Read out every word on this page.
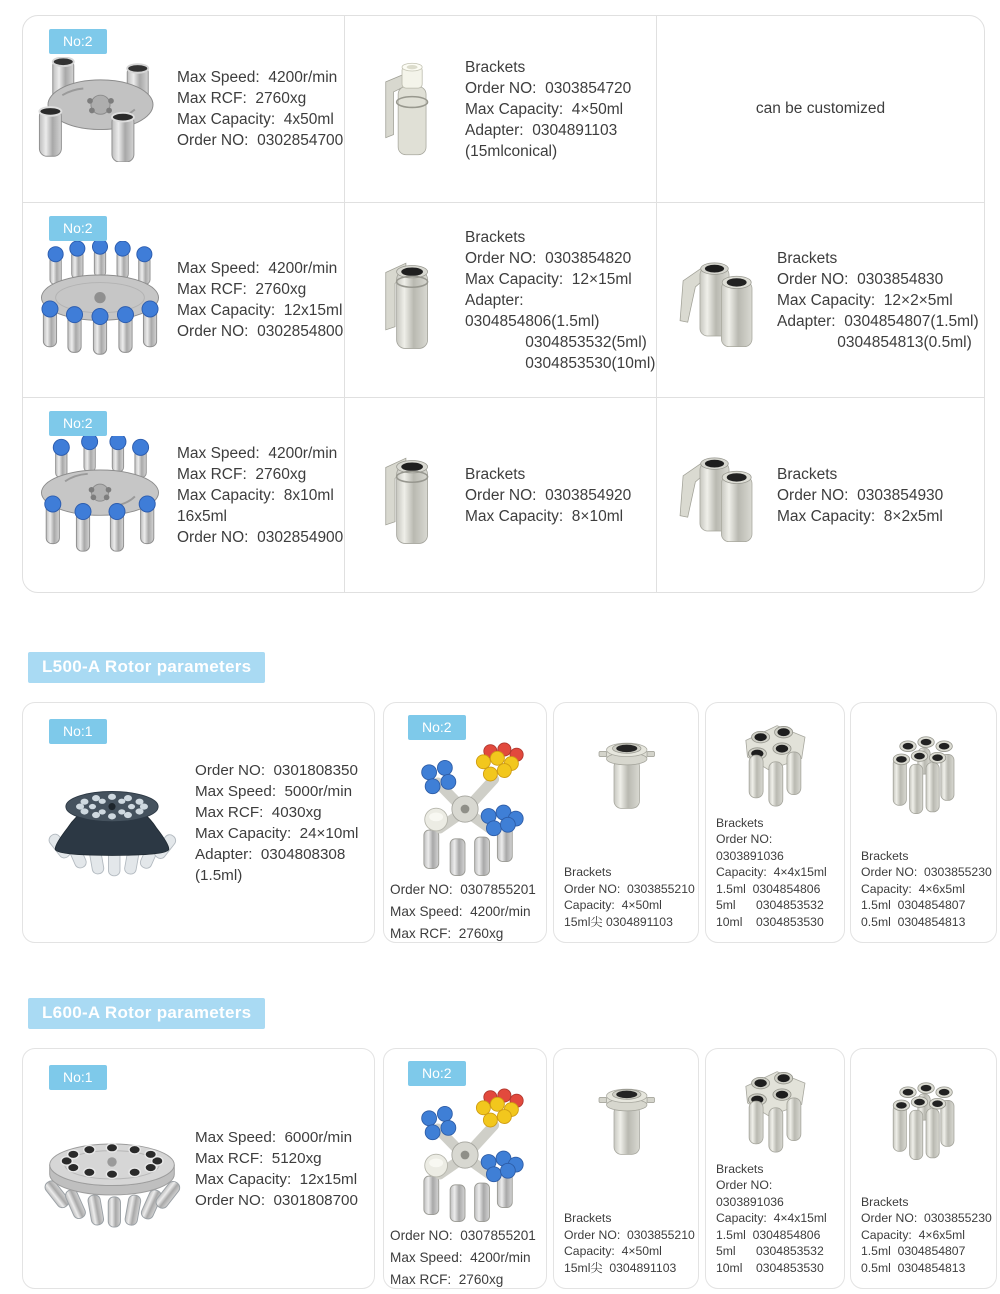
No:2
Max Speed:  4200r/min
Max RCF:  2760xg
Max Capacity:  4x50ml
Order NO:  0302854700
Brackets
Order NO:  0303854720
Max Capacity:  4×50ml
Adapter:  0304891103
(15mlconical)
can be customized
No:2
Max Speed:  4200r/min
Max RCF:  2760xg
Max Capacity:  12x15ml
Order NO:  0302854800
Brackets
Order NO:  0303854820
Max Capacity:  12×15ml
Adapter:  0304854806(1.5ml)
0304853532(5ml)
0304853530(10ml)
Brackets
Order NO:  0303854830
Max Capacity:  12×2×5ml
Adapter:  0304854807(1.5ml)
0304854813(0.5ml)
No:2
Max Speed:  4200r/min
Max RCF:  2760xg
Max Capacity:  8x10ml
16x5ml
Order NO:  0302854900
Brackets
Order NO:  0303854920
Max Capacity:  8×10ml
Brackets
Order NO:  0303854930
Max Capacity:  8×2x5ml
L500-A Rotor parameters
No:1
Order NO:  0301808350
Max Speed:  5000r/min
Max RCF:  4030xg
Max Capacity:  24×10ml
Adapter:  0304808308
(1.5ml)
No:2
Order NO:  0307855201
Max Speed:  4200r/min
Max RCF:  2760xg
Brackets
Order NO:  0303855210
Capacity:  4×50ml
15ml尖 0304891103
Brackets
Order NO:  0303891036
Capacity:  4×4x15ml
1.5ml  0304854806
5ml      0304853532
10ml    0304853530
Brackets
Order NO:  0303855230
Capacity:  4×6x5ml
1.5ml  0304854807
0.5ml  0304854813
L600-A Rotor parameters
No:1
Max Speed:  6000r/min
Max RCF:  5120xg
Max Capacity:  12x15ml
Order NO:  0301808700
No:2
Order NO:  0307855201
Max Speed:  4200r/min
Max RCF:  2760xg
Brackets
Order NO:  0303855210
Capacity:  4×50ml
15ml尖  0304891103
Brackets
Order NO:  0303891036
Capacity:  4×4x15ml
1.5ml  0304854806
5ml      0304853532
10ml    0304853530
Brackets
Order NO:  0303855230
Capacity:  4×6x5ml
1.5ml  0304854807
0.5ml  0304854813
